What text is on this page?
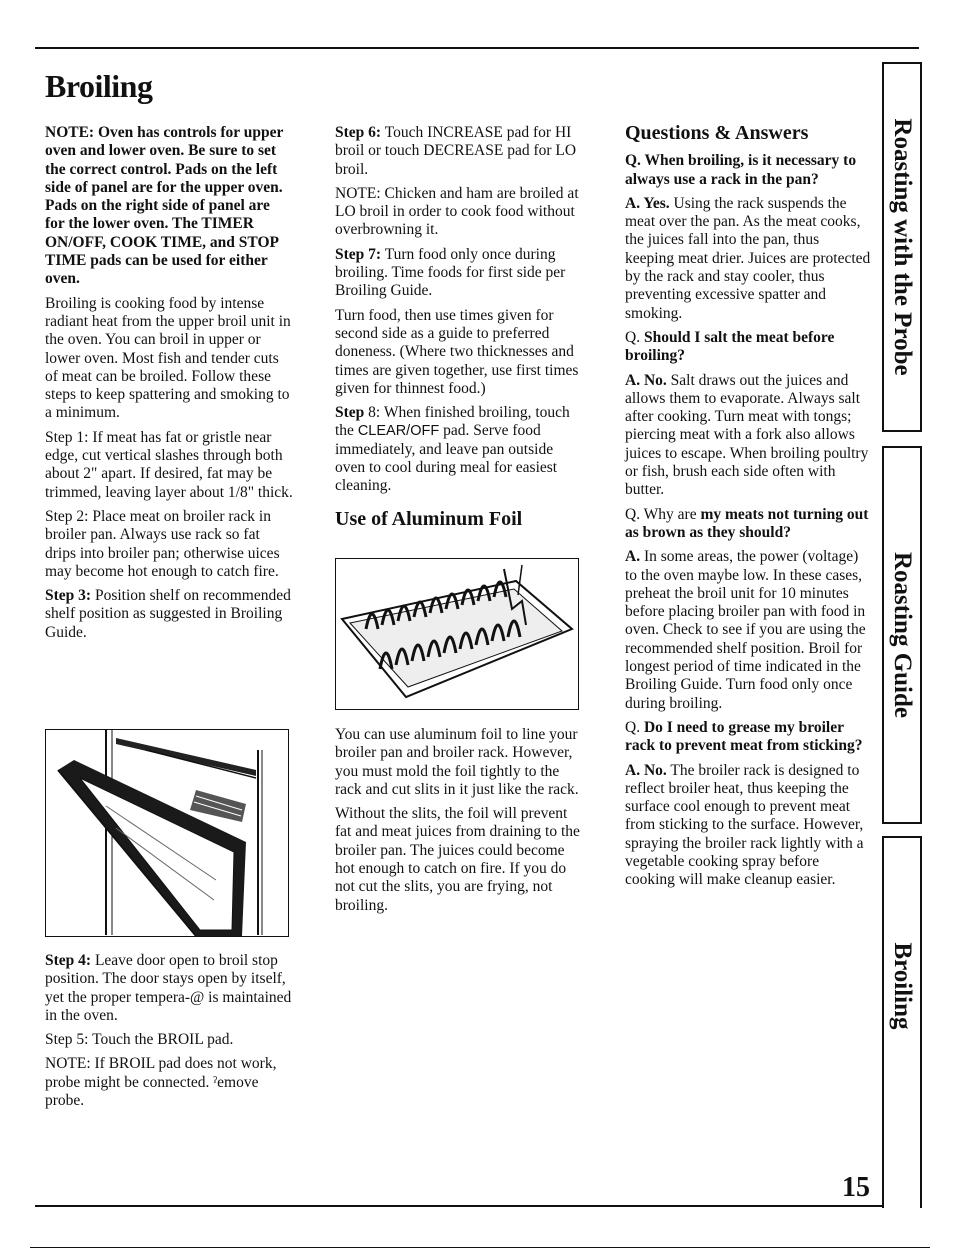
Broiling

NOTE: Oven has controls for upper oven and lower oven. Be sure to set the correct control. Pads on the left side of panel are for the upper oven. Pads on the right side of panel are for the lower oven. The TIMER ON/OFF, COOK TIME, and STOP TIME pads can be used for either oven.

Broiling is cooking food by intense radiant heat from the upper broil unit in the oven. You can broil in upper or lower oven. Most fish and tender cuts of meat can be broiled. Follow these steps to keep spattering and smoking to a minimum.

Step 1: If meat has fat or gristle near edge, cut vertical slashes through both about 2" apart. If desired, fat may be trimmed, leaving layer about 1/8" thick.

Step 2: Place meat on broiler rack in broiler pan. Always use rack so fat drips into broiler pan; otherwise uices may become hot enough to catch fire.

Step 3: Position shelf on recommended shelf position as suggested in Broiling Guide.

Step 4: Leave door open to broil stop position. The door stays open by itself, yet the proper tempera-@ is maintained in the oven.

Step 5: Touch the BROIL pad.

NOTE: If BROIL pad does not work, probe might be connected. ˀemove probe.

Step 6: Touch INCREASE pad for HI broil or touch DECREASE pad for LO broil.

NOTE: Chicken and ham are broiled at LO broil in order to cook food without overbrowning it.

Step 7: Turn food only once during broiling. Time foods for first side per Broiling Guide.

Turn food, then use times given for second side as a guide to preferred doneness. (Where two thicknesses and times are given together, use first times given for thinnest food.)

Step 8: When finished broiling, touch the CLEAR/OFF pad. Serve food immediately, and leave pan outside oven to cool during meal for easiest cleaning.

Use of Aluminum Foil

You can use aluminum foil to line your broiler pan and broiler rack. However, you must mold the foil tightly to the rack and cut slits in it just like the rack.

Without the slits, the foil will prevent fat and meat juices from draining to the broiler pan. The juices could become hot enough to catch on fire. If you do not cut the slits, you are frying, not broiling.

Questions & Answers

Q. When broiling, is it necessary to always use a rack in the pan?

A. Yes. Using the rack suspends the meat over the pan. As the meat cooks, the juices fall into the pan, thus keeping meat drier. Juices are protected by the rack and stay cooler, thus preventing excessive spatter and smoking.

Q. Should I salt the meat before broiling?

A. No. Salt draws out the juices and allows them to evaporate. Always salt after cooking. Turn meat with tongs; piercing meat with a fork also allows juices to escape. When broiling poultry or fish, brush each side often with butter.

Q. Why are my meats not turning out as brown as they should?

A. In some areas, the power (voltage) to the oven maybe low. In these cases, preheat the broil unit for 10 minutes before placing broiler pan with food in oven. Check to see if you are using the recommended shelf position. Broil for longest period of time indicated in the Broiling Guide. Turn food only once during broiling.

Q. Do I need to grease my broiler rack to prevent meat from sticking?

A. No. The broiler rack is designed to reflect broiler heat, thus keeping the surface cool enough to prevent meat from sticking to the surface. However, spraying the broiler rack lightly with a vegetable cooking spray before cooking will make cleanup easier.

Roasting with the Probe
Roasting Guide
Broiling
15
